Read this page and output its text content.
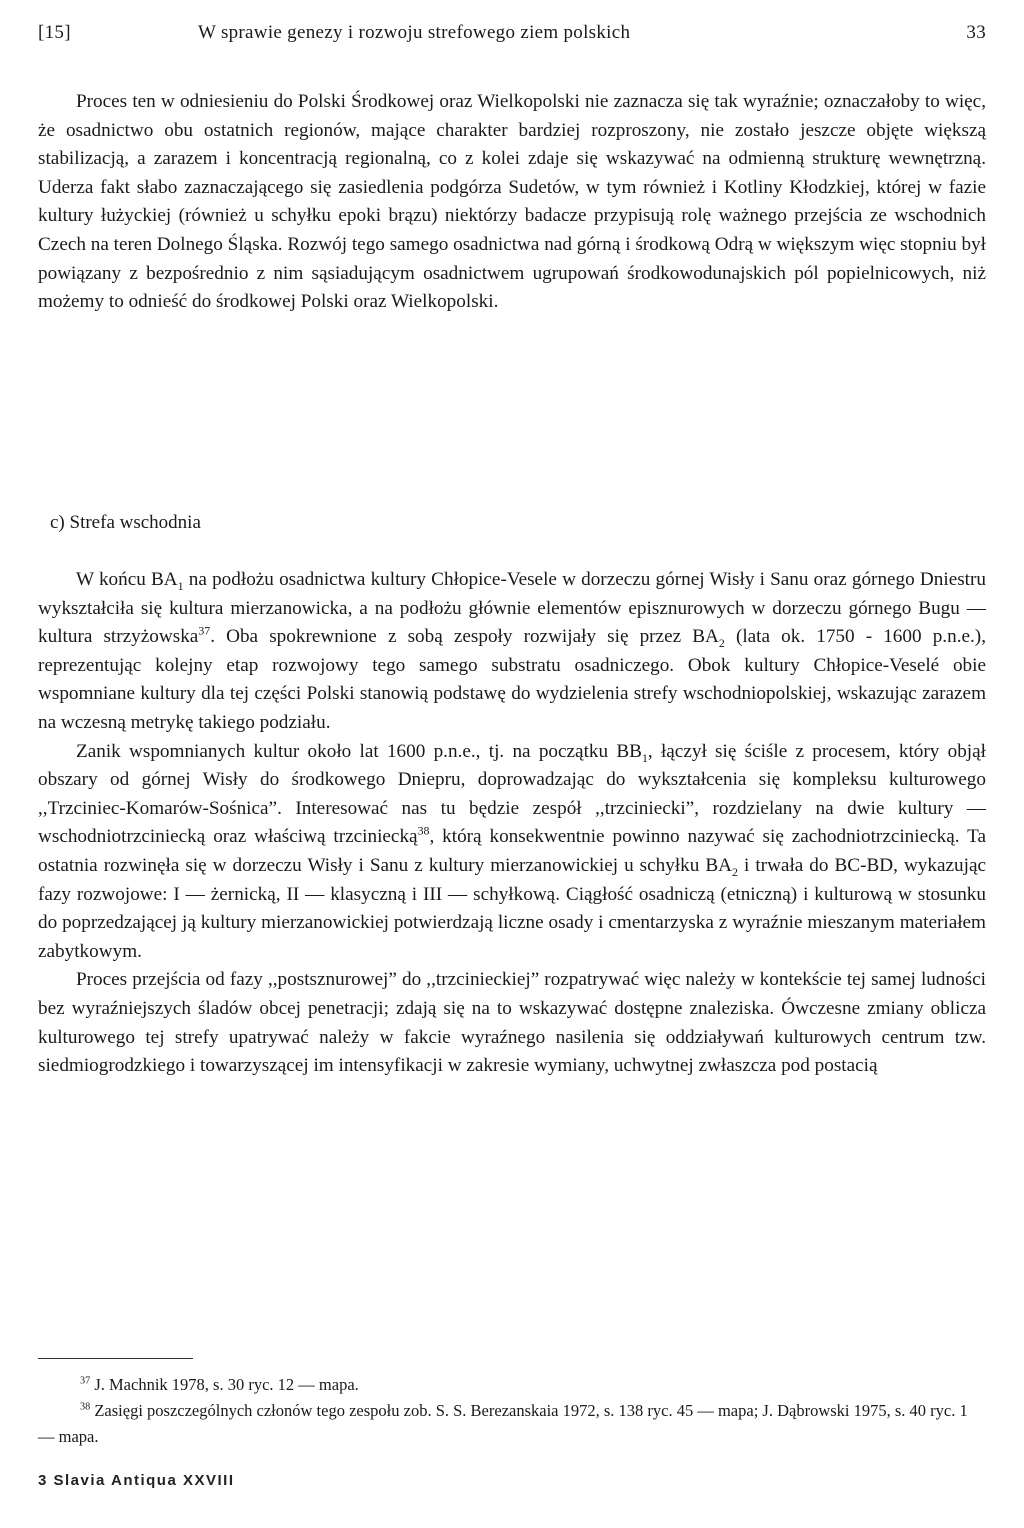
[15]	W sprawie genezy i rozwoju strefowego ziem polskich	33

Proces ten w odniesieniu do Polski Środkowej oraz Wielkopolski nie zaznacza się tak wyraźnie; oznaczałoby to więc, że osadnictwo obu ostatnich regionów, mające charakter bardziej rozproszony, nie zostało jeszcze objęte większą stabilizacją, a zarazem i koncentracją regionalną, co z kolei zdaje się wskazywać na odmienną strukturę wewnętrzną. Uderza fakt słabo zaznaczającego się zasiedlenia podgórza Sudetów, w tym również i Kotliny Kłodzkiej, której w fazie kultury łużyckiej (również u schyłku epoki brązu) niektórzy badacze przypisują rolę ważnego przejścia ze wschodnich Czech na teren Dolnego Śląska. Rozwój tego samego osadnictwa nad górną i środkową Odrą w większym więc stopniu był powiązany z bezpośrednio z nim sąsiadującym osadnictwem ugrupowań środkowodunajskich pól popielnicowych, niż możemy to odnieść do środkowej Polski oraz Wielkopolski.

c) Strefa wschodnia

W końcu $BA_1$ na podłożu osadnictwa kultury Chłopice-Vesele w dorzeczu górnej Wisły i Sanu oraz górnego Dniestru wykształciła się kultura mierzanowicka, a na podłożu głównie elementów episznurowych w dorzeczu górnego Bugu — kultura strzyżowska$^{37}$. Oba spokrewnione z sobą zespoły rozwijały się przez $BA_2$ (lata ok. 1750 - 1600 p.n.e.), reprezentując kolejny etap rozwojowy tego samego substratu osadniczego. Obok kultury Chłopice-Veselé obie wspomniane kultury dla tej części Polski stanowią podstawę do wydzielenia strefy wschodniopolskiej, wskazując zarazem na wczesną metrykę takiego podziału.

Zanik wspomnianych kultur około lat 1600 p.n.e., tj. na początku $BB_1$, łączył się ściśle z procesem, który objął obszary od górnej Wisły do środkowego Dniepru, doprowadzając do wykształcenia się kompleksu kulturowego ,,Trzciniec-Komarów-Sośnica”. Interesować nas tu będzie zespół ,,trzciniecki”, rozdzielany na dwie kultury — wschodniotrzciniecką oraz właściwą trzciniecką$^{38}$, którą konsekwentnie powinno nazywać się zachodniotrzciniecką. Ta ostatnia rozwinęła się w dorzeczu Wisły i Sanu z kultury mierzanowickiej u schyłku $BA_2$ i trwała do BC-BD, wykazując fazy rozwojowe: I — żernicką, II — klasyczną i III — schyłkową. Ciągłość osadniczą (etniczną) i kulturową w stosunku do poprzedzającej ją kultury mierzanowickiej potwierdzają liczne osady i cmentarzyska z wyraźnie mieszanym materiałem zabytkowym.

Proces przejścia od fazy ,,postsznurowej” do ,,trzcinieckiej” rozpatrywać więc należy w kontekście tej samej ludności bez wyraźniejszych śladów obcej penetracji; zdają się na to wskazywać dostępne znaleziska. Ówczesne zmiany oblicza kulturowego tej strefy upatrywać należy w fakcie wyraźnego nasilenia się oddziaływań kulturowych centrum tzw. siedmiogrodzkiego i towarzyszącej im intensyfikacji w zakresie wymiany, uchwytnej zwłaszcza pod postacią

$^{37}$ J. Machnik 1978, s. 30 ryc. 12 — mapa.

$^{38}$ Zasięgi poszczególnych członów tego zespołu zob. S. S. Berezanskaia 1972, s. 138 ryc. 45 — mapa; J. Dąbrowski 1975, s. 40 ryc. 1 — mapa.

3 Slavia Antiqua XXVIII
